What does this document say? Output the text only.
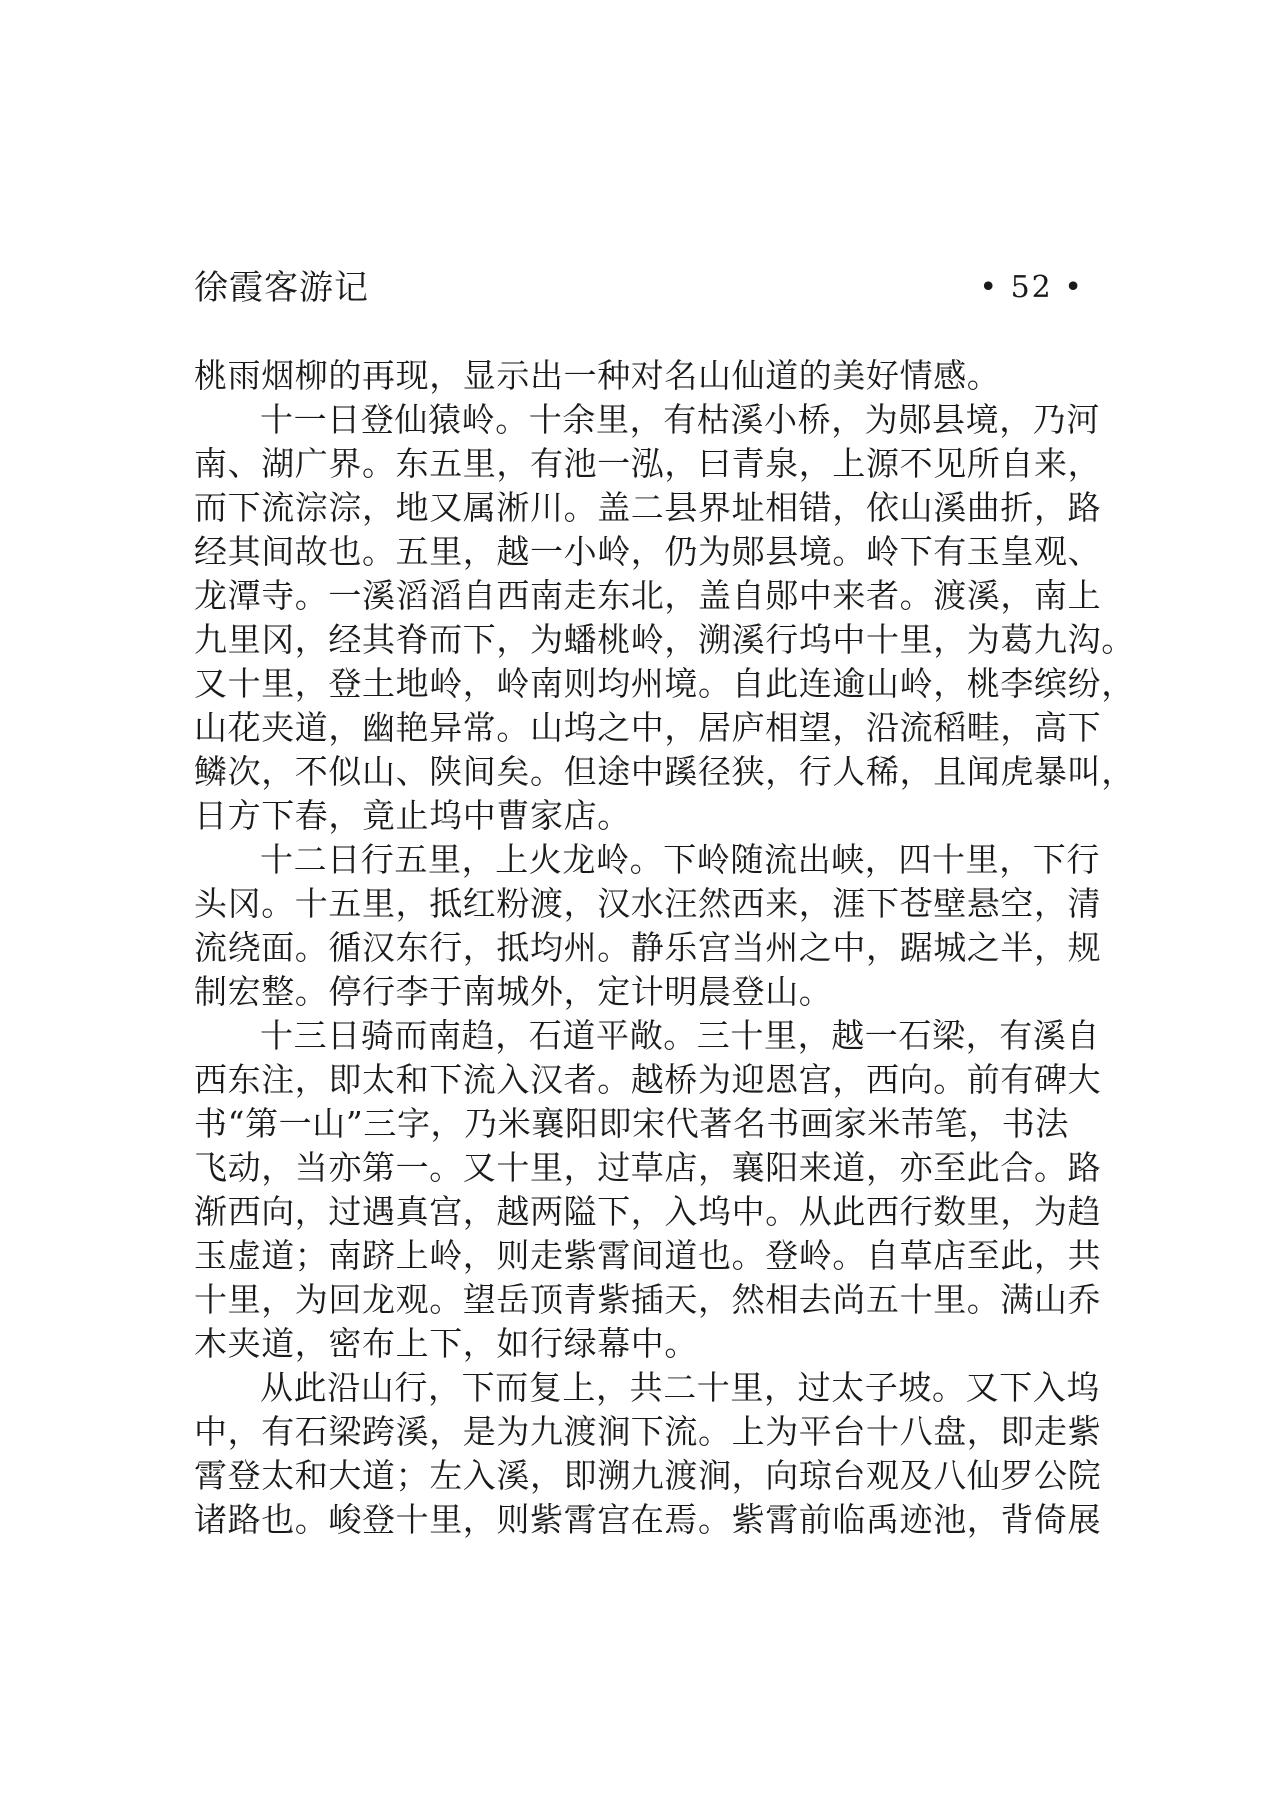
徐霞客游记	• 52 •
桃雨烟柳的再现，显示出一种对名山仙道的美好情感。
十一日登仙猿岭。十余里，有枯溪小桥，为郧县境，乃河
南、湖广界。东五里，有池一泓，曰青泉，上源不见所自来，
而下流淙淙，地又属淅川。盖二县界址相错，依山溪曲折，路
经其间故也。五里，越一小岭，仍为郧县境。岭下有玉皇观、
龙潭寺。一溪滔滔自西南走东北，盖自郧中来者。渡溪，南上
九里冈，经其脊而下，为蟠桃岭，溯溪行坞中十里，为葛九沟。
又十里，登土地岭，岭南则均州境。自此连逾山岭，桃李缤纷，
山花夹道，幽艳异常。山坞之中，居庐相望，沿流稻畦，高下
鳞次，不似山、陕间矣。但途中蹊径狭，行人稀，且闻虎暴叫，
日方下春，竟止坞中曹家店。
十二日行五里，上火龙岭。下岭随流出峡，四十里，下行
头冈。十五里，抵红粉渡，汉水汪然西来，涯下苍壁悬空，清
流绕面。循汉东行，抵均州。静乐宫当州之中，踞城之半，规
制宏整。停行李于南城外，定计明晨登山。
十三日骑而南趋，石道平敞。三十里，越一石梁，有溪自
西东注，即太和下流入汉者。越桥为迎恩宫，西向。前有碑大
书“第一山”三字，乃米襄阳即宋代著名书画家米芾笔，书法
飞动，当亦第一。又十里，过草店，襄阳来道，亦至此合。路
渐西向，过遇真宫，越两隘下，入坞中。从此西行数里，为趋
玉虚道；南跻上岭，则走紫霄间道也。登岭。自草店至此，共
十里，为回龙观。望岳顶青紫插天，然相去尚五十里。满山乔
木夹道，密布上下，如行绿幕中。
从此沿山行，下而复上，共二十里，过太子坡。又下入坞
中，有石梁跨溪，是为九渡涧下流。上为平台十八盘，即走紫
霄登太和大道；左入溪，即溯九渡涧，向琼台观及八仙罗公院
诸路也。峻登十里，则紫霄宫在焉。紫霄前临禹迹池，背倚展
